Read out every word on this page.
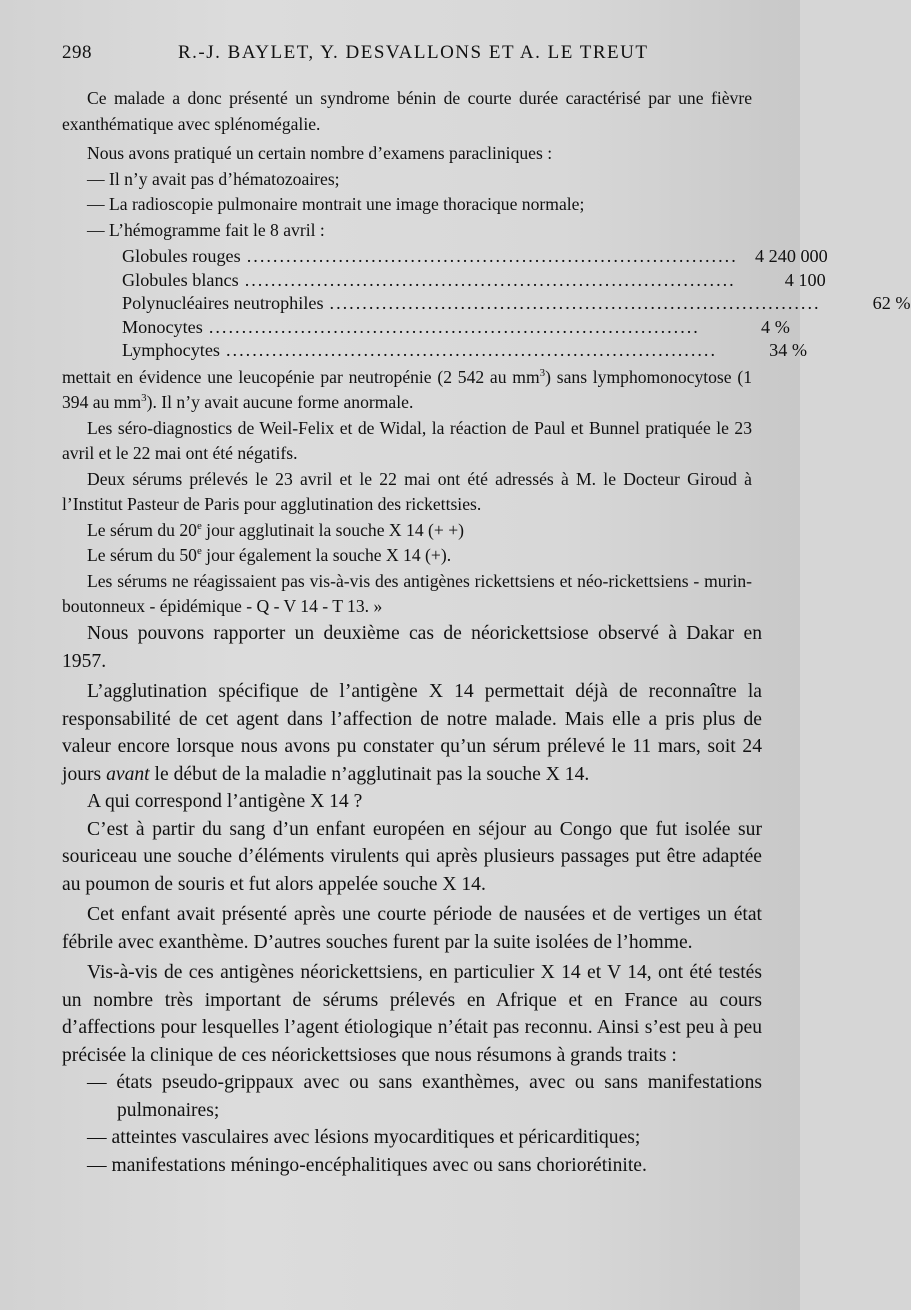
298	R.-J. BAYLET, Y. DESVALLONS ET A. LE TREUT

Ce malade a donc présenté un syndrome bénin de courte durée caractérisé par une fièvre exanthématique avec splénomégalie.

Nous avons pratiqué un certain nombre d’examens paracliniques :

— Il n’y avait pas d’hématozoaires;

— La radioscopie pulmonaire montrait une image thoracique normale;

— L’hémogramme fait le 8 avril :

Globules rouges ........................................................................... 4 240 000
Globules blancs ...........................................................................	4 100
Polynucléaires neutrophiles ...........................................................................	62 %
Monocytes ...........................................................................	4 %
Lymphocytes ...........................................................................	34 %

mettait en évidence une leucopénie par neutropénie (2 542 au $mm^3$) sans lymphomonocytose (1 394 au $mm^3$). Il n’y avait aucune forme anormale.

Les séro-diagnostics de Weil-Felix et de Widal, la réaction de Paul et Bunnel pratiquée le 23 avril et le 22 mai ont été négatifs.

Deux sérums prélevés le 23 avril et le 22 mai ont été adressés à M. le Docteur Giroud à l’Institut Pasteur de Paris pour agglutination des rickettsies.

Le sérum du 20e jour agglutinait la souche X 14 (+ +)

Le sérum du 50e jour également la souche X 14 (+).

Les sérums ne réagissaient pas vis-à-vis des antigènes rickettsiens et néo-rickettsiens - murin-boutonneux - épidémique - Q - V 14 - T 13. »

Nous pouvons rapporter un deuxième cas de néorickettsiose observé à Dakar en 1957.

L’agglutination spécifique de l’antigène X 14 permettait déjà de reconnaître la responsabilité de cet agent dans l’affection de notre malade. Mais elle a pris plus de valeur encore lorsque nous avons pu constater qu’un sérum prélevé le 11 mars, soit 24 jours avant le début de la maladie n’agglutinait pas la souche X 14.

A qui correspond l’antigène X 14 ?

C’est à partir du sang d’un enfant européen en séjour au Congo que fut isolée sur souriceau une souche d’éléments virulents qui après plusieurs passages put être adaptée au poumon de souris et fut alors appelée souche X 14.

Cet enfant avait présenté après une courte période de nausées et de vertiges un état fébrile avec exanthème. D’autres souches furent par la suite isolées de l’homme.

Vis-à-vis de ces antigènes néorickettsiens, en particulier X 14 et V 14, ont été testés un nombre très important de sérums prélevés en Afrique et en France au cours d’affections pour lesquelles l’agent étiologique n’était pas reconnu. Ainsi s’est peu à peu précisée la clinique de ces néorickettsioses que nous résumons à grands traits :

— états pseudo-grippaux avec ou sans exanthèmes, avec ou sans manifestations pulmonaires;

— atteintes vasculaires avec lésions myocarditiques et péricarditiques;

— manifestations méningo-encéphalitiques avec ou sans choriorétinite.
